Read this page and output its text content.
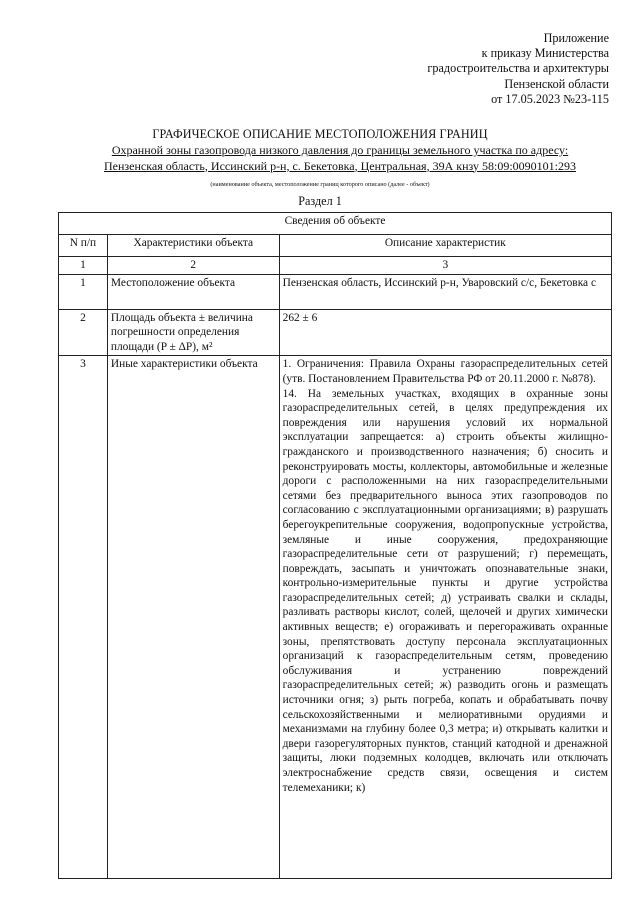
Приложение
к приказу Министерства
градостроительства и архитектуры
Пензенской области
от 17.05.2023 №23-115
ГРАФИЧЕСКОЕ ОПИСАНИЕ МЕСТОПОЛОЖЕНИЯ ГРАНИЦ
Охранной зоны газопровода низкого давления до границы земельного участка по адресу:
Пензенская область, Иссинский р-н, с. Бекетовка, Центральная, 39А кнзу 58:09:0090101:293
(наименование объекта, местоположение границ которого описано (далее - объект)
Раздел 1
Сведения об объекте		
N п/п	Характеристики объекта	Описание характеристик
1	2	3
1	Местоположение объекта	Пензенская область, Иссинский р-н, Уваровский с/с, Бекетовка с
2	Площадь объекта ± величина погрешности определения площади (P ± ΔP), м²	262 ± 6
3	Иные характеристики объекта	1. Ограничения: Правила Охраны газораспределительных сетей (утв. Постановлением Правительства РФ от 20.11.2000 г. №878).

14. На земельных участках, входящих в охранные зоны газораспределительных сетей, в целях предупреждения их повреждения или нарушения условий их нормальной эксплуатации запрещается: а) строить объекты жилищно-гражданского и производственного назначения; б) сносить и реконструировать мосты, коллекторы, автомобильные и железные дороги с расположенными на них газораспределительными сетями без предварительного выноса этих газопроводов по согласованию с эксплуатационными организациями; в) разрушать берегоукрепительные сооружения, водопропускные устройства, земляные и иные сооружения, предохраняющие газораспределительные сети от разрушений; г) перемещать, повреждать, засыпать и уничтожать опознавательные знаки, контрольно-измерительные пункты и другие устройства газораспределительных сетей; д) устраивать свалки и склады, разливать растворы кислот, солей, щелочей и других химически активных веществ; е) огораживать и перегораживать охранные зоны, препятствовать доступу персонала эксплуатационных организаций к газораспределительным сетям, проведению обслуживания и устранению повреждений газораспределительных сетей; ж) разводить огонь и размещать источники огня; з) рыть погреба, копать и обрабатывать почву сельскохозяйственными и мелиоративными орудиями и механизмами на глубину более 0,3 метра; и) открывать калитки и двери газорегуляторных пунктов, станций катодной и дренажной защиты, люки подземных колодцев, включать или отключать электроснабжение средств связи, освещения и систем телемеханики; к)
